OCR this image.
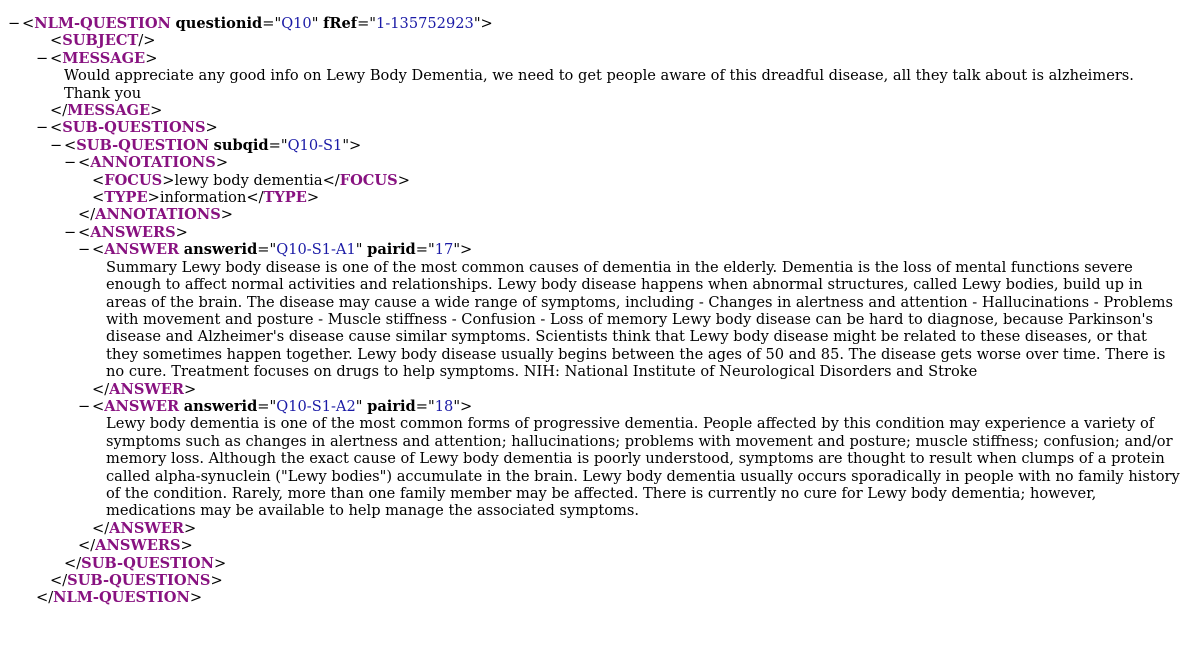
− <NLM-QUESTION questionid="Q10" fRef="1-135752923">
<SUBJECT/>
− <MESSAGE>
Would appreciate any good info on Lewy Body Dementia, we need to get people aware of this dreadful disease, all they talk about is alzheimers. Thank you
</MESSAGE>
− <SUB-QUESTIONS>
− <SUB-QUESTION subqid="Q10-S1">
− <ANNOTATIONS>
<FOCUS>lewy body dementia</FOCUS>
<TYPE>information</TYPE>
</ANNOTATIONS>
− <ANSWERS>
− <ANSWER answerid="Q10-S1-A1" pairid="17">
Summary Lewy body disease is one of the most common causes of dementia in the elderly. Dementia is the loss of mental functions severe enough to affect normal activities and relationships. Lewy body disease happens when abnormal structures, called Lewy bodies, build up in areas of the brain. The disease may cause a wide range of symptoms, including - Changes in alertness and attention - Hallucinations - Problems with movement and posture - Muscle stiffness - Confusion - Loss of memory Lewy body disease can be hard to diagnose, because Parkinson's disease and Alzheimer's disease cause similar symptoms. Scientists think that Lewy body disease might be related to these diseases, or that they sometimes happen together. Lewy body disease usually begins between the ages of 50 and 85. The disease gets worse over time. There is no cure. Treatment focuses on drugs to help symptoms. NIH: National Institute of Neurological Disorders and Stroke
</ANSWER>
− <ANSWER answerid="Q10-S1-A2" pairid="18">
Lewy body dementia is one of the most common forms of progressive dementia. People affected by this condition may experience a variety of symptoms such as changes in alertness and attention; hallucinations; problems with movement and posture; muscle stiffness; confusion; and/or memory loss. Although the exact cause of Lewy body dementia is poorly understood, symptoms are thought to result when clumps of a protein called alpha-synuclein ("Lewy bodies") accumulate in the brain. Lewy body dementia usually occurs sporadically in people with no family history of the condition. Rarely, more than one family member may be affected. There is currently no cure for Lewy body dementia; however, medications may be available to help manage the associated symptoms.
</ANSWER>
</ANSWERS>
</SUB-QUESTION>
</SUB-QUESTIONS>
</NLM-QUESTION>
